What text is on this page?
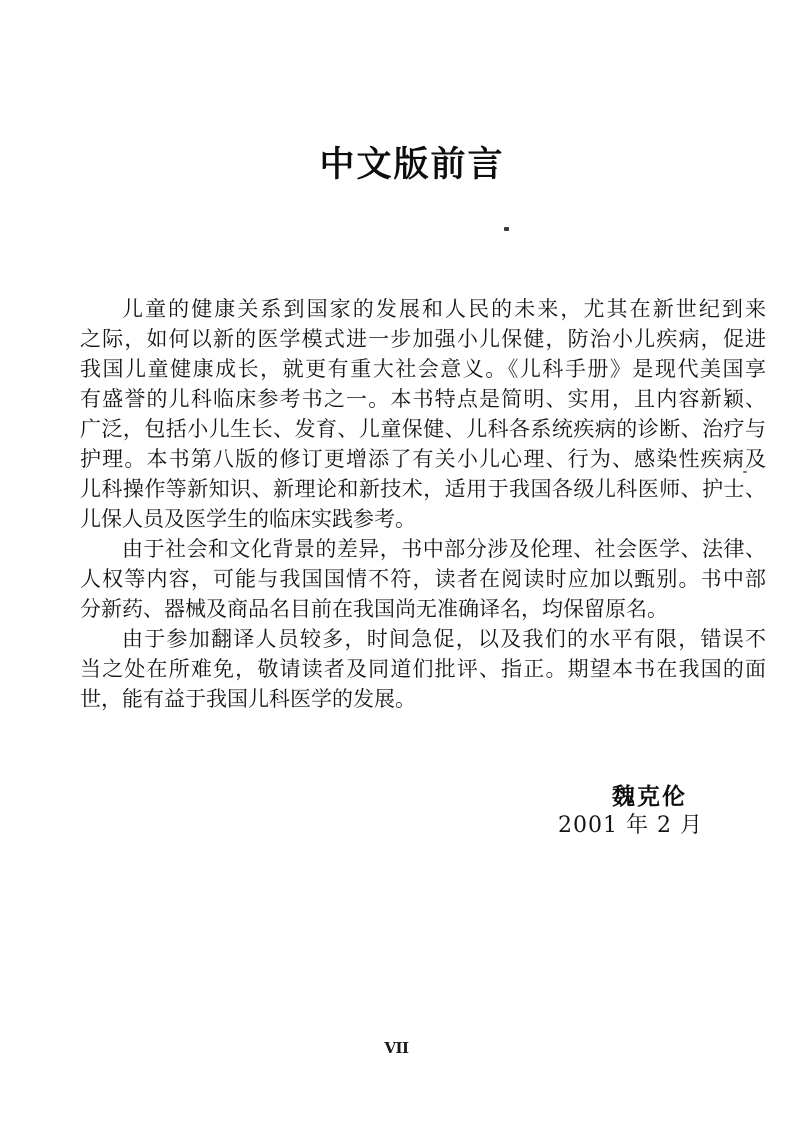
中文版前言
儿童的健康关系到国家的发展和人民的未来，尤其在新世纪到来
之际，如何以新的医学模式进一步加强小儿保健，防治小儿疾病，促进
我国儿童健康成长，就更有重大社会意义。《儿科手册》是现代美国享
有盛誉的儿科临床参考书之一。本书特点是简明、实用，且内容新颖、
广泛，包括小儿生长、发育、儿童保健、儿科各系统疾病的诊断、治疗与
护理。本书第八版的修订更增添了有关小儿心理、行为、感染性疾病及
儿科操作等新知识、新理论和新技术，适用于我国各级儿科医师、护士、
儿保人员及医学生的临床实践参考。
由于社会和文化背景的差异，书中部分涉及伦理、社会医学、法律、
人权等内容，可能与我国国情不符，读者在阅读时应加以甄别。书中部
分新药、器械及商品名目前在我国尚无准确译名，均保留原名。
由于参加翻译人员较多，时间急促，以及我们的水平有限，错误不
当之处在所难免，敬请读者及同道们批评、指正。期望本书在我国的面
世，能有益于我国儿科医学的发展。
魏克伦
2001 年 2 月
VII
